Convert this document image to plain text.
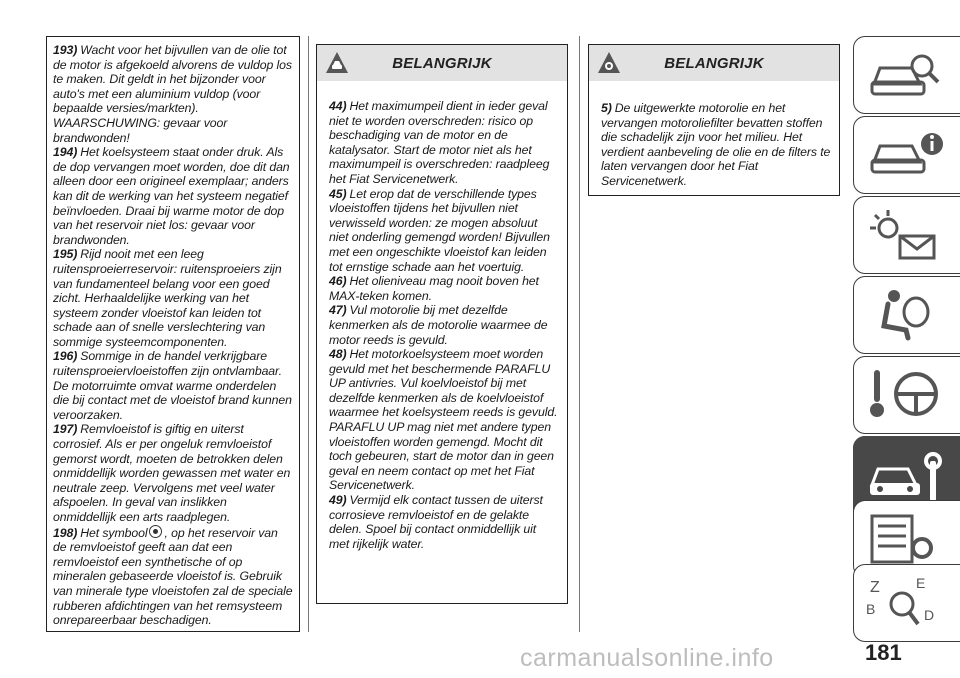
193) Wacht voor het bijvullen van de olie tot de motor is afgekoeld alvorens de vuldop los te maken. Dit geldt in het bijzonder voor auto's met een aluminium vuldop (voor bepaalde versies/markten). WAARSCHUWING: gevaar voor brandwonden!

194) Het koelsysteem staat onder druk. Als de dop vervangen moet worden, doe dit dan alleen door een origineel exemplaar; anders kan dit de werking van het systeem negatief beïnvloeden. Draai bij warme motor de dop van het reservoir niet los: gevaar voor brandwonden.

195) Rijd nooit met een leeg ruitensproeierreservoir: ruitensproeiers zijn van fundamenteel belang voor een goed zicht. Herhaaldelijke werking van het systeem zonder vloeistof kan leiden tot schade aan of snelle verslechtering van sommige systeemcomponenten.

196) Sommige in de handel verkrijgbare ruitensproeiervloeistoffen zijn ontvlambaar. De motorruimte omvat warme onderdelen die bij contact met de vloeistof brand kunnen veroorzaken.

197) Remvloeistof is giftig en uiterst corrosief. Als er per ongeluk remvloeistof gemorst wordt, moeten de betrokken delen onmiddellijk worden gewassen met water en neutrale zeep. Vervolgens met veel water afspoelen. In geval van inslikken onmiddellijk een arts raadplegen.

198) Het symbool , op het reservoir van de remvloeistof geeft aan dat een remvloeistof een synthetische of op mineralen gebaseerde vloeistof is. Gebruik van minerale type vloeistofen zal de speciale rubberen afdichtingen van het remsysteem onrepareerbaar beschadigen.

BELANGRIJK

44) Het maximumpeil dient in ieder geval niet te worden overschreden: risico op beschadiging van de motor en de katalysator. Start de motor niet als het maximumpeil is overschreden: raadpleeg het Fiat Servicenetwerk.

45) Let erop dat de verschillende types vloeistoffen tijdens het bijvullen niet verwisseld worden: ze mogen absoluut niet onderling gemengd worden! Bijvullen met een ongeschikte vloeistof kan leiden tot ernstige schade aan het voertuig.

46) Het olieniveau mag nooit boven het MAX-teken komen.

47) Vul motorolie bij met dezelfde kenmerken als de motorolie waarmee de motor reeds is gevuld.

48) Het motorkoelsysteem moet worden gevuld met het beschermende PARAFLU UP antivries. Vul koelvloeistof bij met dezelfde kenmerken als de koelvloeistof waarmee het koelsysteem reeds is gevuld. PARAFLU UP mag niet met andere typen vloeistoffen worden gemengd. Mocht dit toch gebeuren, start de motor dan in geen geval en neem contact op met het Fiat Servicenetwerk.

49) Vermijd elk contact tussen de uiterst corrosieve remvloeistof en de gelakte delen. Spoel bij contact onmiddellijk uit met rijkelijk water.

BELANGRIJK

5) De uitgewerkte motorolie en het vervangen motoroliefilter bevatten stoffen die schadelijk zijn voor het milieu. Het verdient aanbeveling de olie en de filters te laten vervangen door het Fiat Servicenetwerk.

Z	E
B	D
181
carmanualsonline.info
